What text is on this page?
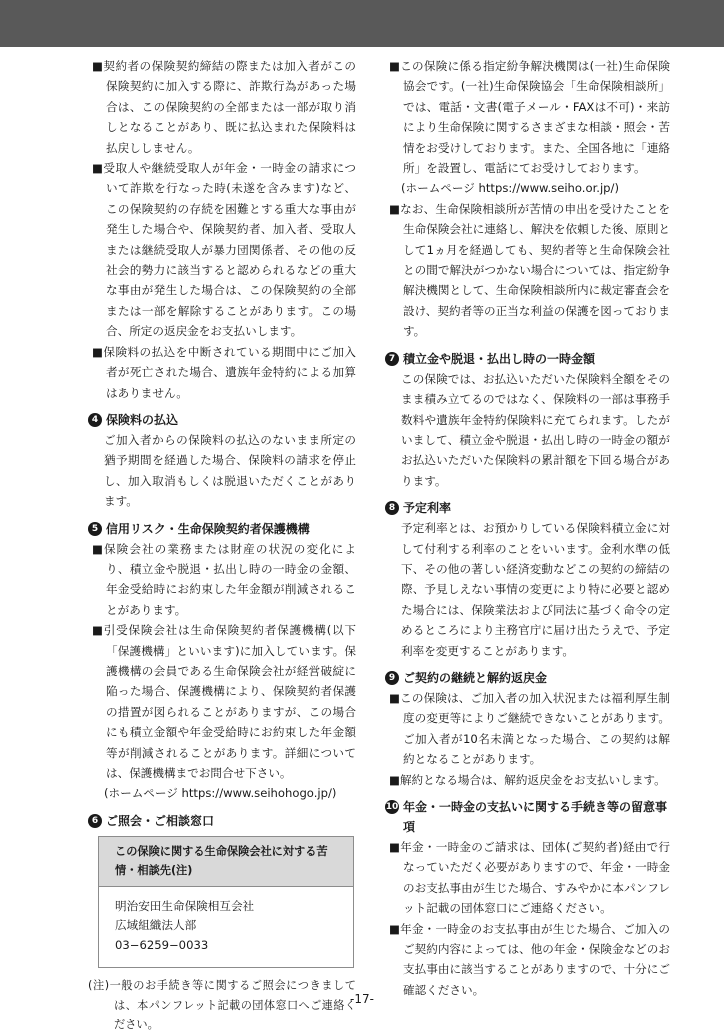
■契約者の保険契約締結の際または加入者がこの保険契約に加入する際に、詐欺行為があった場合は、この保険契約の全部または一部が取り消しとなることがあり、既に払込まれた保険料は払戻ししません。
■受取人や継続受取人が年金・一時金の請求について詐欺を行なった時(未遂を含みます)など、この保険契約の存続を困難とする重大な事由が発生した場合や、保険契約者、加入者、受取人または継続受取人が暴力団関係者、その他の反社会的勢力に該当すると認められるなどの重大な事由が発生した場合は、この保険契約の全部または一部を解除することがあります。この場合、所定の返戻金をお支払いします。
■保険料の払込を中断されている期間中にご加入者が死亡された場合、遺族年金特約による加算はありません。
4 保険料の払込
ご加入者からの保険料の払込のないまま所定の猶予期間を経過した場合、保険料の請求を停止し、加入取消もしくは脱退いただくことがあります。
5 信用リスク・生命保険契約者保護機構
■保険会社の業務または財産の状況の変化により、積立金や脱退・払出し時の一時金の金額、年金受給時にお約束した年金額が削減されることがあります。
■引受保険会社は生命保険契約者保護機構(以下「保護機構」といいます)に加入しています。保護機構の会員である生命保険会社が経営破綻に陥った場合、保護機構により、保険契約者保護の措置が図られることがありますが、この場合にも積立金額や年金受給時にお約束した年金額等が削減されることがあります。詳細については、保護機構までお問合せ下さい。
(ホームページ https://www.seihohogo.jp/)
6 ご照会・ご相談窓口
この保険に関する生命保険会社に対する苦情・相談先(注)
明治安田生命保険相互会社
広域組織法人部
03−6259−0033
(注)一般のお手続き等に関するご照会につきましては、本パンフレット記載の団体窓口へご連絡ください。
■この保険に係る指定紛争解決機関は(一社)生命保険協会です。(一社)生命保険協会「生命保険相談所」では、電話・文書(電子メール・FAXは不可)・来訪により生命保険に関するさまざまな相談・照会・苦情をお受けしております。また、全国各地に「連絡所」を設置し、電話にてお受けしております。
(ホームページ https://www.seiho.or.jp/)
■なお、生命保険相談所が苦情の申出を受けたことを生命保険会社に連絡し、解決を依頼した後、原則として1ヵ月を経過しても、契約者等と生命保険会社との間で解決がつかない場合については、指定紛争解決機関として、生命保険相談所内に裁定審査会を設け、契約者等の正当な利益の保護を図っております。
7 積立金や脱退・払出し時の一時金額
この保険では、お払込いただいた保険料全額をそのまま積み立てるのではなく、保険料の一部は事務手数料や遺族年金特約保険料に充てられます。したがいまして、積立金や脱退・払出し時の一時金の額がお払込いただいた保険料の累計額を下回る場合があります。
8 予定利率
予定利率とは、お預かりしている保険料積立金に対して付利する利率のことをいいます。金利水準の低下、その他の著しい経済変動などこの契約の締結の際、予見しえない事情の変更により特に必要と認めた場合には、保険業法および同法に基づく命令の定めるところにより主務官庁に届け出たうえで、予定利率を変更することがあります。
9 ご契約の継続と解約返戻金
■この保険は、ご加入者の加入状況または福利厚生制度の変更等によりご継続できないことがあります。ご加入者が10名未満となった場合、この契約は解約となることがあります。
■解約となる場合は、解約返戻金をお支払いします。
10 年金・一時金の支払いに関する手続き等の留意事項
■年金・一時金のご請求は、団体(ご契約者)経由で行なっていただく必要がありますので、年金・一時金のお支払事由が生じた場合、すみやかに本パンフレット記載の団体窓口にご連絡ください。
■年金・一時金のお支払事由が生じた場合、ご加入のご契約内容によっては、他の年金・保険金などのお支払事由に該当することがありますので、十分にご確認ください。
-17-
